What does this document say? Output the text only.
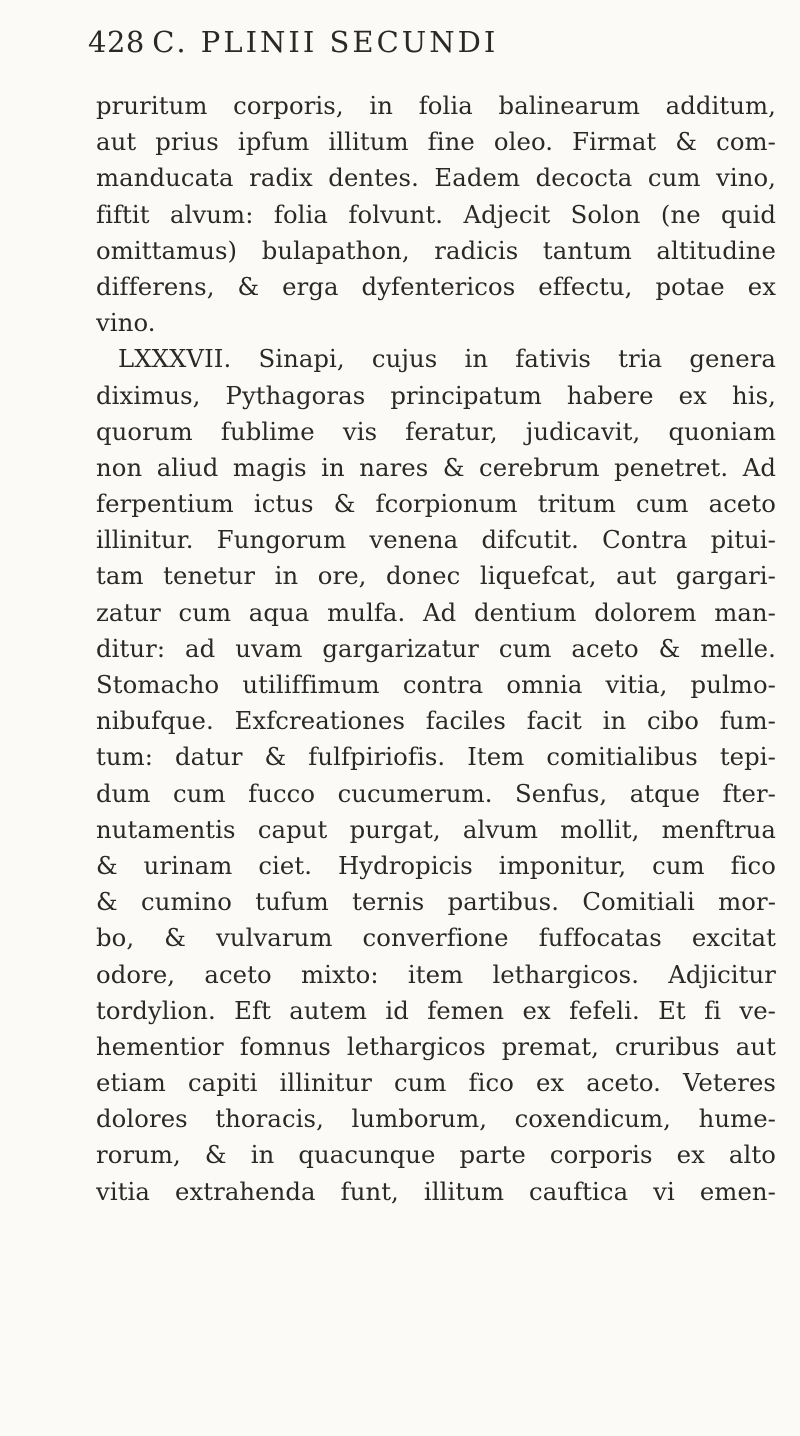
428 C. PLINII SECUNDI
pruritum corporis, in folia balinearum additum,
aut prius ipfum illitum fine oleo. Firmat & com-
manducata radix dentes. Eadem decocta cum vino,
fiftit alvum: folia folvunt. Adjecit Solon (ne quid
omittamus) bulapathon, radicis tantum altitudine
differens, & erga dyfentericos effectu, potae ex
vino.
LXXXVII. Sinapi, cujus in fativis tria genera
diximus, Pythagoras principatum habere ex his,
quorum fublime vis feratur, judicavit, quoniam
non aliud magis in nares & cerebrum penetret. Ad
ferpentium ictus & fcorpionum tritum cum aceto
illinitur. Fungorum venena difcutit. Contra pitui-
tam tenetur in ore, donec liquefcat, aut gargari-
zatur cum aqua mulfa. Ad dentium dolorem man-
ditur: ad uvam gargarizatur cum aceto & melle.
Stomacho utiliffimum contra omnia vitia, pulmo-
nibufque. Exfcreationes faciles facit in cibo fum-
tum: datur & fulfpiriofis. Item comitialibus tepi-
dum cum fucco cucumerum. Senfus, atque fter-
nutamentis caput purgat, alvum mollit, menftrua
& urinam ciet. Hydropicis imponitur, cum fico
& cumino tufum ternis partibus. Comitiali mor-
bo, & vulvarum converfione fuffocatas excitat
odore, aceto mixto: item lethargicos. Adjicitur
tordylion. Eft autem id femen ex fefeli. Et fi ve-
hementior fomnus lethargicos premat, cruribus aut
etiam capiti illinitur cum fico ex aceto. Veteres
dolores thoracis, lumborum, coxendicum, hume-
rorum, & in quacunque parte corporis ex alto
vitia extrahenda funt, illitum cauftica vi emen-
